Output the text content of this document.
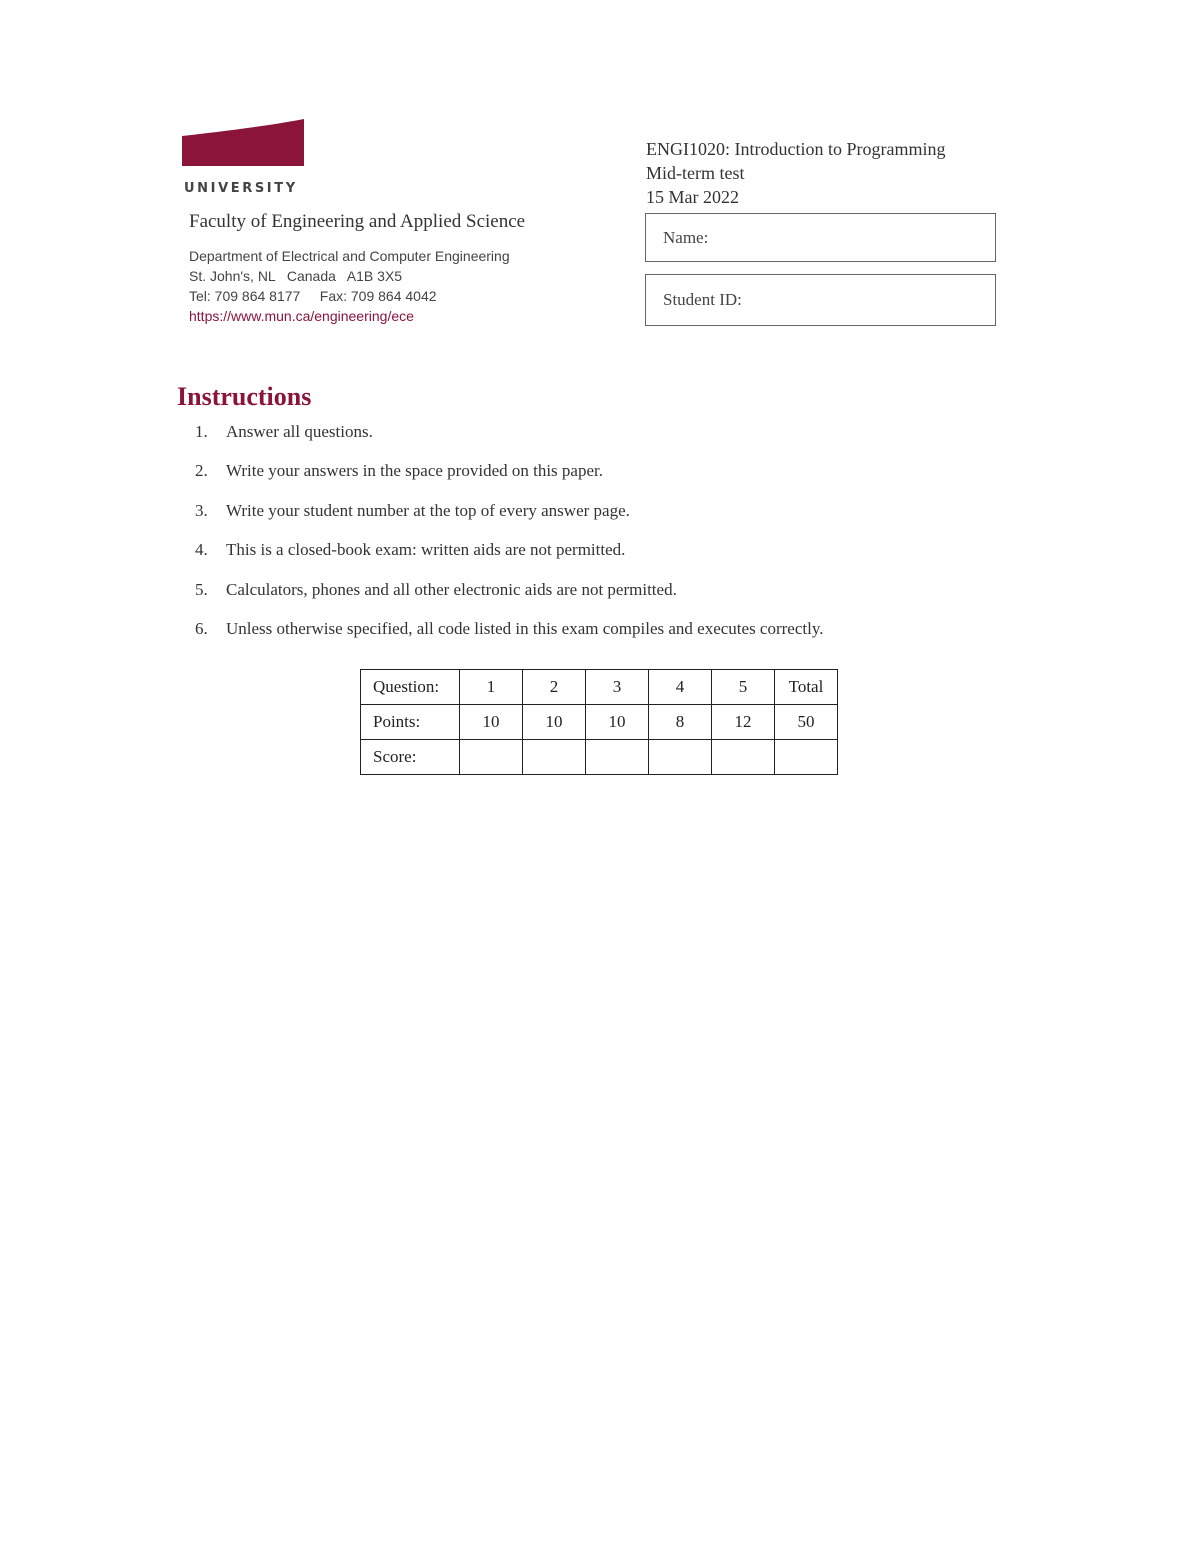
MEMORIAL
UNIVERSITY
Faculty of Engineering and Applied Science
Department of Electrical and Computer Engineering
St. John's, NL   Canada   A1B 3X5
Tel: 709 864 8177     Fax: 709 864 4042
https://www.mun.ca/engineering/ece
ENGI1020: Introduction to Programming
Mid-term test
15 Mar 2022
Name:
Student ID:
Instructions
1. Answer all questions.
2. Write your answers in the space provided on this paper.
3. Write your student number at the top of every answer page.
4. This is a closed-book exam: written aids are not permitted.
5. Calculators, phones and all other electronic aids are not permitted.
6. Unless otherwise specified, all code listed in this exam compiles and executes correctly.
Question:	1	2	3	4	5	Total
Points:	10	10	10	8	12	50
Score:						
